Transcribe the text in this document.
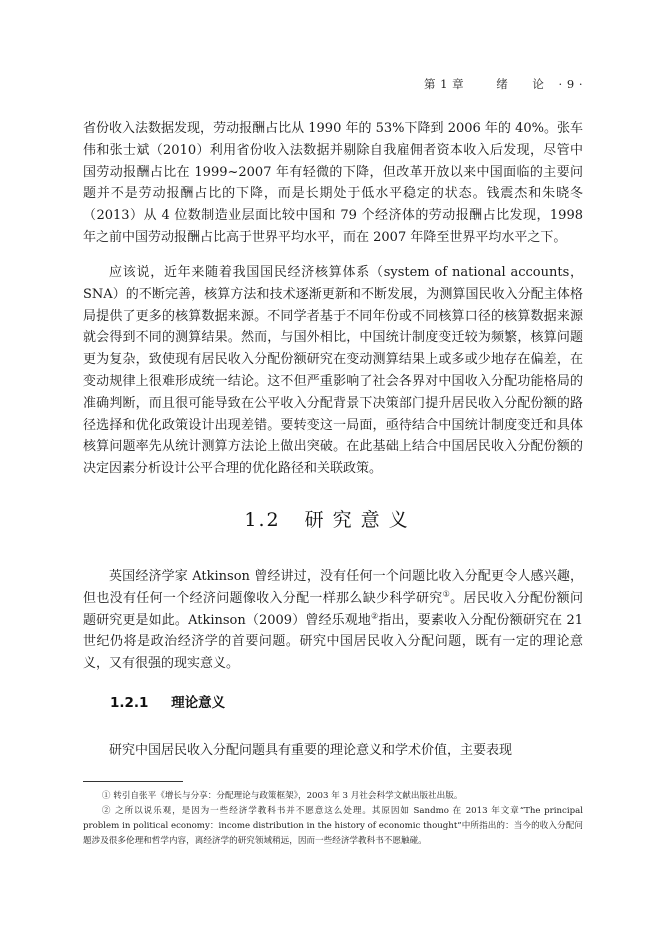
第 1 章	绪 论 · 9 ·

省份收入法数据发现，劳动报酬占比从 1990 年的 53%下降到 2006 年的 40%。张车伟和张士斌（2010）利用省份收入法数据并剔除自我雇佣者资本收入后发现，尽管中国劳动报酬占比在 1999~2007 年有轻微的下降，但改革开放以来中国面临的主要问题并不是劳动报酬占比的下降，而是长期处于低水平稳定的状态。钱震杰和朱晓冬（2013）从 4 位数制造业层面比较中国和 79 个经济体的劳动报酬占比发现，1998 年之前中国劳动报酬占比高于世界平均水平，而在 2007 年降至世界平均水平之下。

应该说，近年来随着我国国民经济核算体系（system of national accounts，SNA）的不断完善，核算方法和技术逐渐更新和不断发展，为测算国民收入分配主体格局提供了更多的核算数据来源。不同学者基于不同年份或不同核算口径的核算数据来源就会得到不同的测算结果。然而，与国外相比，中国统计制度变迁较为频繁，核算问题更为复杂，致使现有居民收入分配份额研究在变动测算结果上或多或少地存在偏差，在变动规律上很难形成统一结论。这不但严重影响了社会各界对中国收入分配功能格局的准确判断，而且很可能导致在公平收入分配背景下决策部门提升居民收入分配份额的路径选择和优化政策设计出现差错。要转变这一局面，亟待结合中国统计制度变迁和具体核算问题率先从统计测算方法论上做出突破。在此基础上结合中国居民收入分配份额的决定因素分析设计公平合理的优化路径和关联政策。

1.2 研究意义

英国经济学家 Atkinson 曾经讲过，没有任何一个问题比收入分配更令人感兴趣，但也没有任何一个经济问题像收入分配一样那么缺少科学研究①。居民收入分配份额问题研究更是如此。Atkinson（2009）曾经乐观地②指出，要素收入分配份额研究在 21 世纪仍将是政治经济学的首要问题。研究中国居民收入分配问题，既有一定的理论意义，又有很强的现实意义。

1.2.1 理论意义

研究中国居民收入分配问题具有重要的理论意义和学术价值，主要表现

① 转引自张平《增长与分享：分配理论与政策框架》，2003 年 3 月社会科学文献出版社出版。

② 之所以说乐观，是因为一些经济学教科书并不愿意这么处理。其原因如 Sandmo 在 2013 年文章“The principal problem in political economy：income distribution in the history of economic thought”中所指出的：当今的收入分配问题涉及很多伦理和哲学内容，离经济学的研究领域稍远，因而一些经济学教科书不愿触碰。
